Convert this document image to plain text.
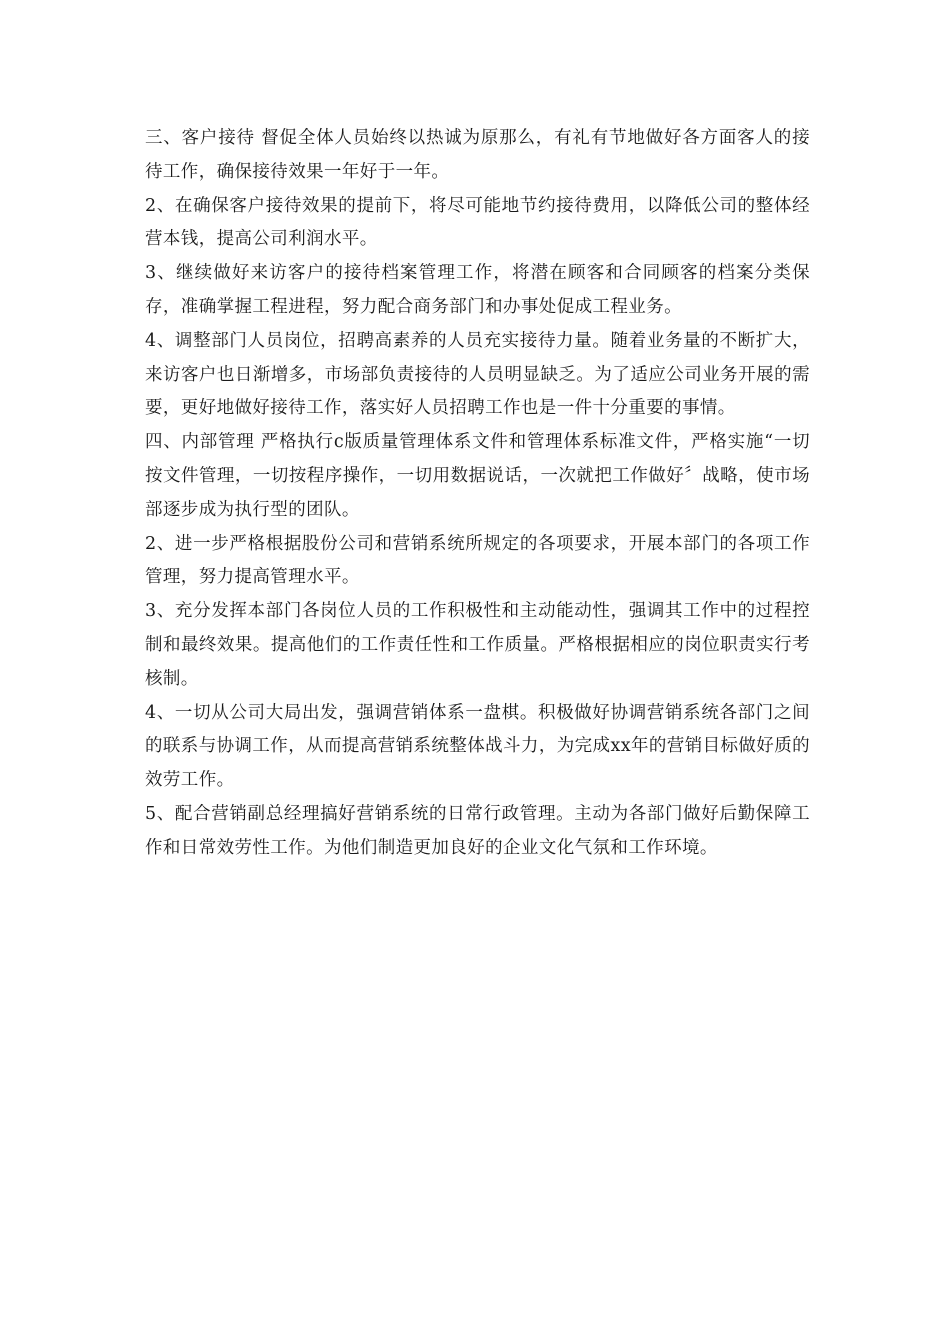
三、客户接待 督促全体人员始终以热诚为原那么，有礼有节地做好各方面客人的接待工作，确保接待效果一年好于一年。

2、在确保客户接待效果的提前下，将尽可能地节约接待费用，以降低公司的整体经营本钱，提高公司利润水平。

3、继续做好来访客户的接待档案管理工作，将潜在顾客和合同顾客的档案分类保存，准确掌握工程进程，努力配合商务部门和办事处促成工程业务。

4、调整部门人员岗位，招聘高素养的人员充实接待力量。随着业务量的不断扩大，来访客户也日渐增多，市场部负责接待的人员明显缺乏。为了适应公司业务开展的需要，更好地做好接待工作，落实好人员招聘工作也是一件十分重要的事情。

四、内部管理 严格执行c版质量管理体系文件和管理体系标准文件，严格实施“一切按文件管理，一切按程序操作，一切用数据说话，一次就把工作做好〞战略，使市场部逐步成为执行型的团队。

2、进一步严格根据股份公司和营销系统所规定的各项要求，开展本部门的各项工作管理，努力提高管理水平。

3、充分发挥本部门各岗位人员的工作积极性和主动能动性，强调其工作中的过程控制和最终效果。提高他们的工作责任性和工作质量。严格根据相应的岗位职责实行考核制。

4、一切从公司大局出发，强调营销体系一盘棋。积极做好协调营销系统各部门之间的联系与协调工作，从而提高营销系统整体战斗力，为完成xx年的营销目标做好质的效劳工作。

5、配合营销副总经理搞好营销系统的日常行政管理。主动为各部门做好后勤保障工作和日常效劳性工作。为他们制造更加良好的企业文化气氛和工作环境。
